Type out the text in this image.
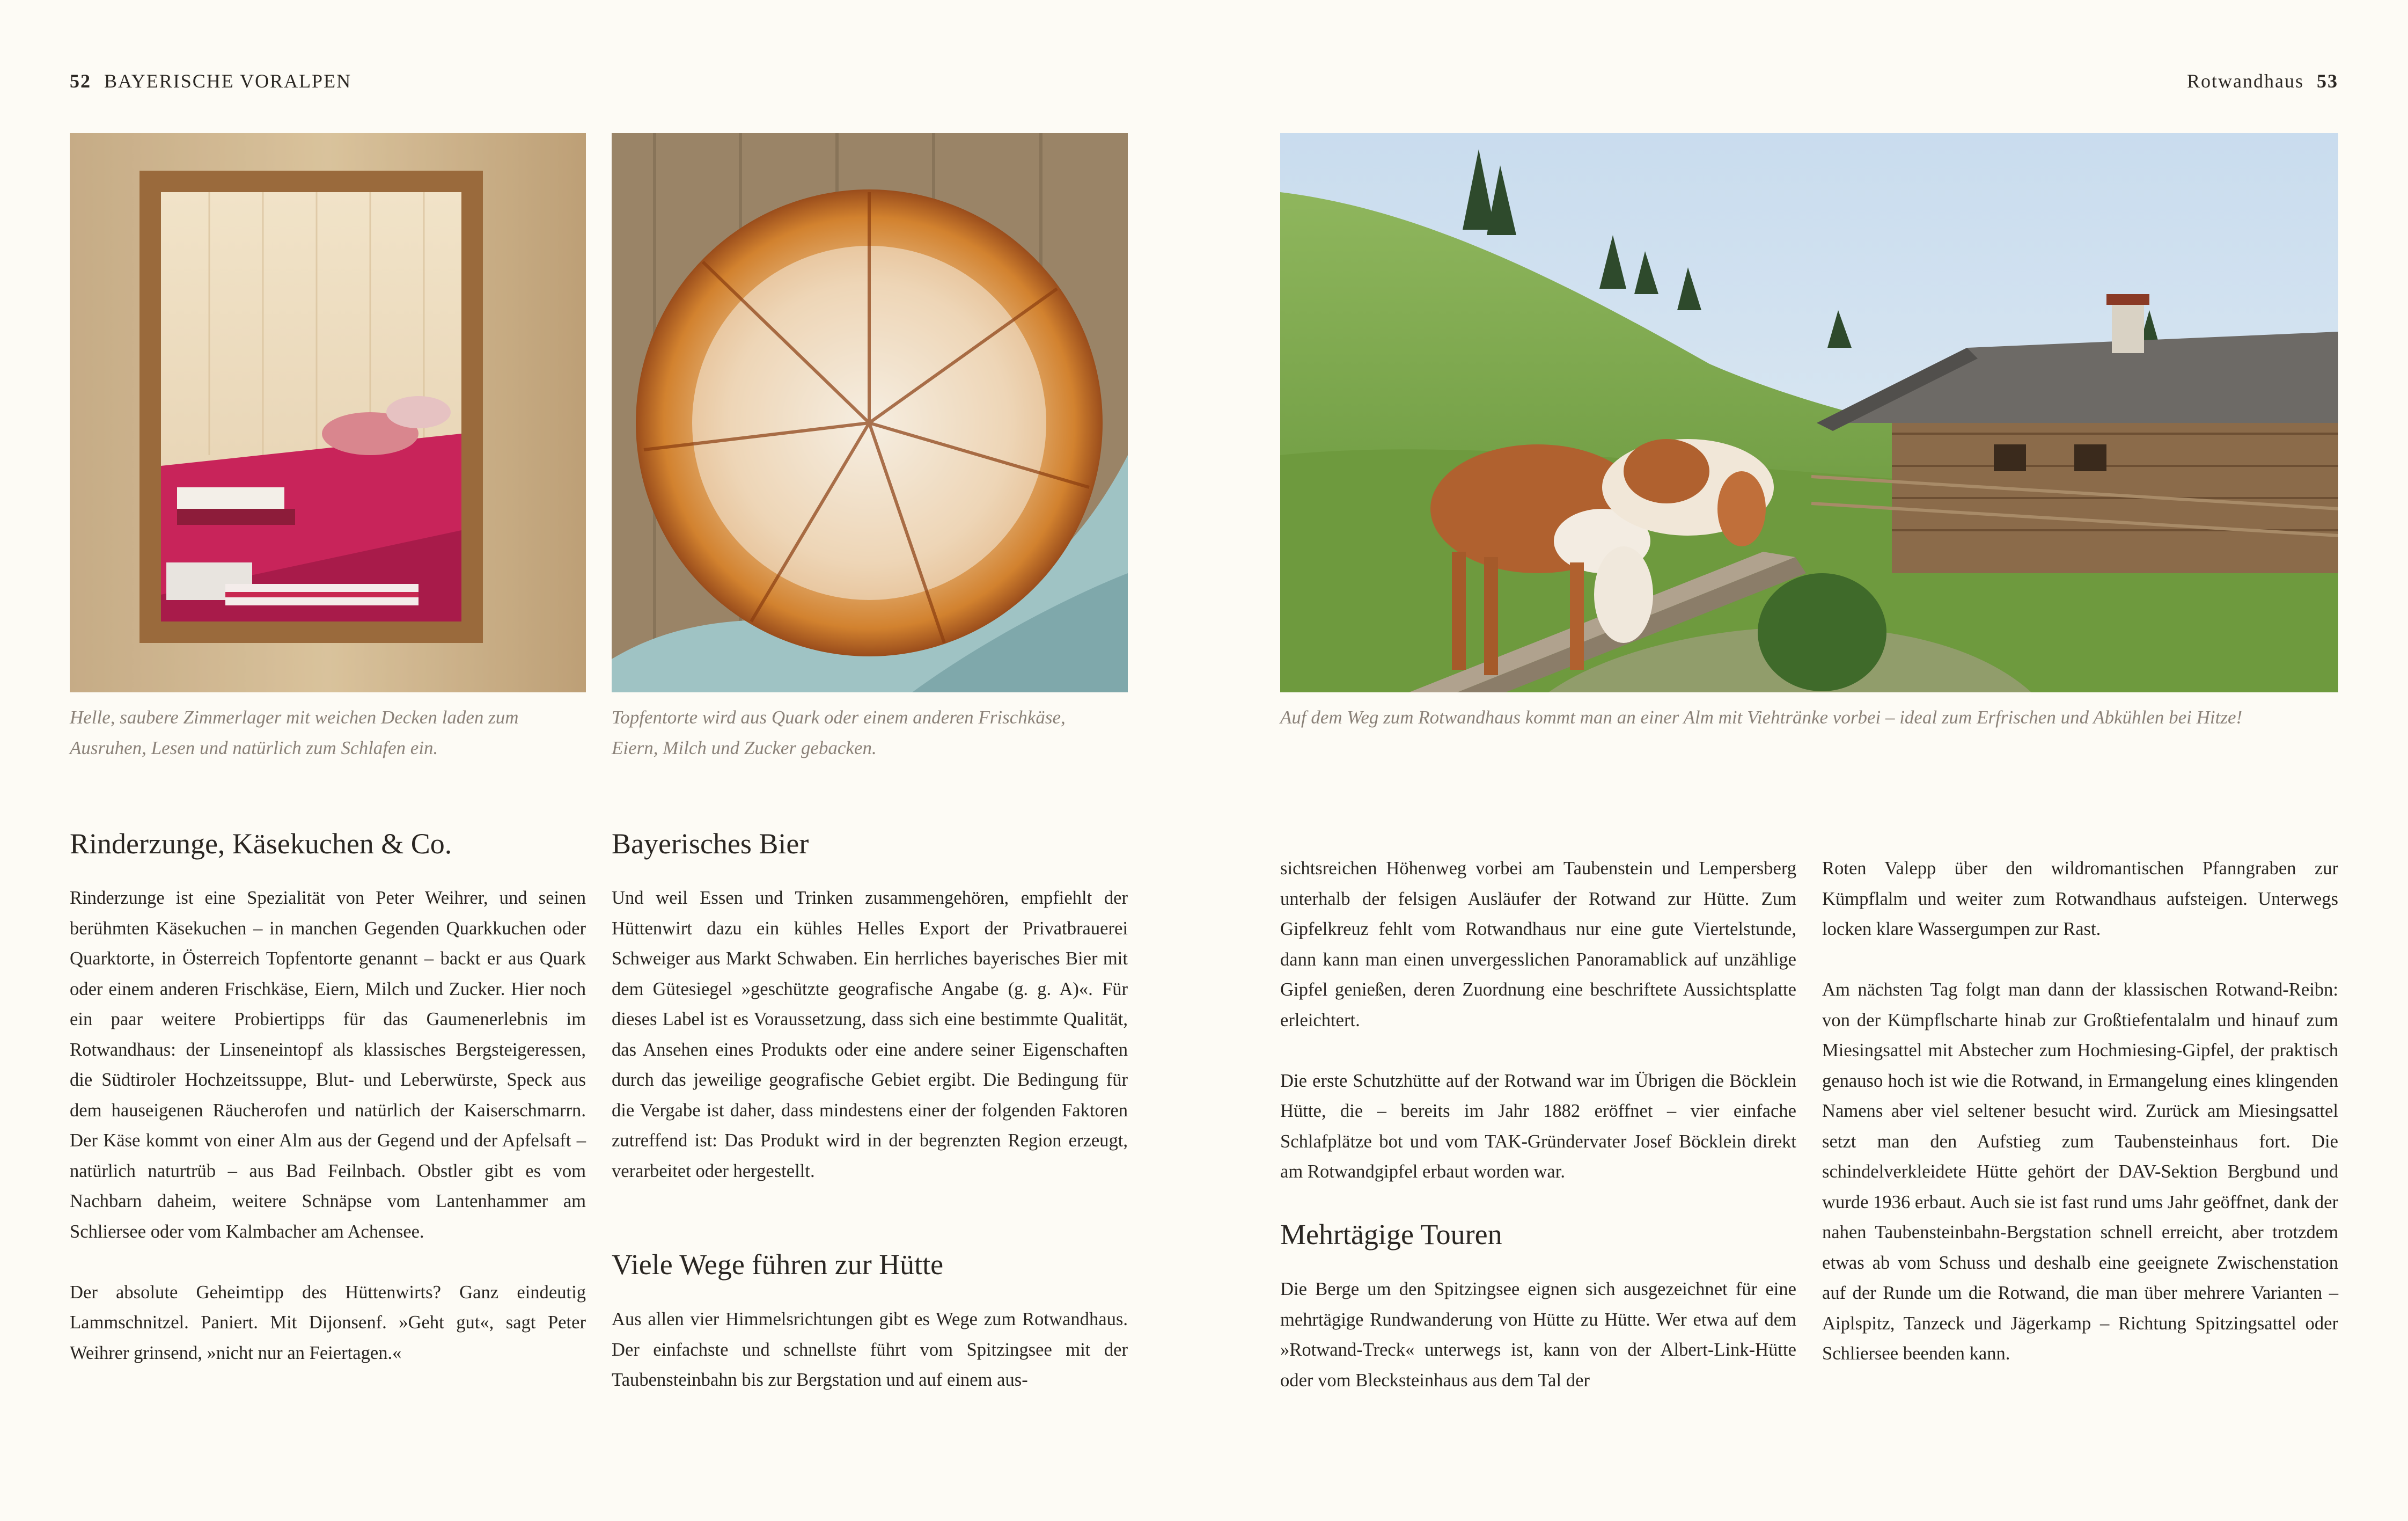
52 BAYERISCHE VORALPEN	Rotwandhaus 53
Helle, saubere Zimmerlager mit weichen Decken laden zum Ausruhen, Lesen und natürlich zum Schlafen ein.
Topfentorte wird aus Quark oder einem anderen Frischkäse, Eiern, Milch und Zucker gebacken.
Auf dem Weg zum Rotwandhaus kommt man an einer Alm mit Viehtränke vorbei – ideal zum Erfrischen und Abkühlen bei Hitze!
Rinderzunge, Käsekuchen & Co.

Rinderzunge ist eine Spezialität von Peter Weihrer, und seinen berühmten Käsekuchen – in manchen Gegenden Quarkkuchen oder Quarktorte, in Österreich Topfentorte genannt – backt er aus Quark oder einem anderen Frischkäse, Eiern, Milch und Zucker. Hier noch ein paar weitere Probiertipps für das Gaumenerlebnis im Rotwandhaus: der Linseneintopf als klassisches Bergsteigeressen, die Südtiroler Hochzeitssuppe, Blut- und Leberwürste, Speck aus dem hauseigenen Räucherofen und natürlich der Kaiserschmarrn. Der Käse kommt von einer Alm aus der Gegend und der Apfelsaft – natürlich naturtrüb – aus Bad Feilnbach. Obstler gibt es vom Nachbarn daheim, weitere Schnäpse vom Lantenhammer am Schliersee oder vom Kalmbacher am Achensee.

Der absolute Geheimtipp des Hüttenwirts? Ganz eindeutig Lammschnitzel. Paniert. Mit Dijonsenf. »Geht gut«, sagt Peter Weihrer grinsend, »nicht nur an Feiertagen.«

Bayerisches Bier

Und weil Essen und Trinken zusammengehören, empfiehlt der Hüttenwirt dazu ein kühles Helles Export der Privatbrauerei Schweiger aus Markt Schwaben. Ein herrliches bayerisches Bier mit dem Gütesiegel »geschützte geografische Angabe (g. g. A)«. Für dieses Label ist es Voraussetzung, dass sich eine bestimmte Qualität, das Ansehen eines Produkts oder eine andere seiner Eigenschaften durch das jeweilige geografische Gebiet ergibt. Die Bedingung für die Vergabe ist daher, dass mindestens einer der folgenden Faktoren zutreffend ist: Das Produkt wird in der begrenzten Region erzeugt, verarbeitet oder hergestellt.

Viele Wege führen zur Hütte

Aus allen vier Himmelsrichtungen gibt es Wege zum Rotwandhaus. Der einfachste und schnellste führt vom Spitzingsee mit der Taubensteinbahn bis zur Bergstation und auf einem aus-

sichtsreichen Höhenweg vorbei am Taubenstein und Lempersberg unterhalb der felsigen Ausläufer der Rotwand zur Hütte. Zum Gipfelkreuz fehlt vom Rotwandhaus nur eine gute Viertelstunde, dann kann man einen unvergesslichen Panoramablick auf unzählige Gipfel genießen, deren Zuordnung eine beschriftete Aussichtsplatte erleichtert.

Die erste Schutzhütte auf der Rotwand war im Übrigen die Böcklein Hütte, die – bereits im Jahr 1882 eröffnet – vier einfache Schlafplätze bot und vom TAK-Gründervater Josef Böcklein direkt am Rotwandgipfel erbaut worden war.

Mehrtägige Touren

Die Berge um den Spitzingsee eignen sich ausgezeichnet für eine mehrtägige Rundwanderung von Hütte zu Hütte. Wer etwa auf dem »Rotwand-Treck« unterwegs ist, kann von der Albert-Link-Hütte oder vom Blecksteinhaus aus dem Tal der

Roten Valepp über den wildromantischen Pfanngraben zur Kümpflalm und weiter zum Rotwandhaus aufsteigen. Unterwegs locken klare Wassergumpen zur Rast.

Am nächsten Tag folgt man dann der klassischen Rotwand-Reibn: von der Kümpflscharte hinab zur Großtiefentalalm und hinauf zum Miesingsattel mit Abstecher zum Hochmiesing-Gipfel, der praktisch genauso hoch ist wie die Rotwand, in Ermangelung eines klingenden Namens aber viel seltener besucht wird. Zurück am Miesingsattel setzt man den Aufstieg zum Taubensteinhaus fort. Die schindelverkleidete Hütte gehört der DAV-Sektion Bergbund und wurde 1936 erbaut. Auch sie ist fast rund ums Jahr geöffnet, dank der nahen Taubensteinbahn-Bergstation schnell erreicht, aber trotzdem etwas ab vom Schuss und deshalb eine geeignete Zwischenstation auf der Runde um die Rotwand, die man über mehrere Varianten – Aiplspitz, Tanzeck und Jägerkamp – Richtung Spitzingsattel oder Schliersee beenden kann.
